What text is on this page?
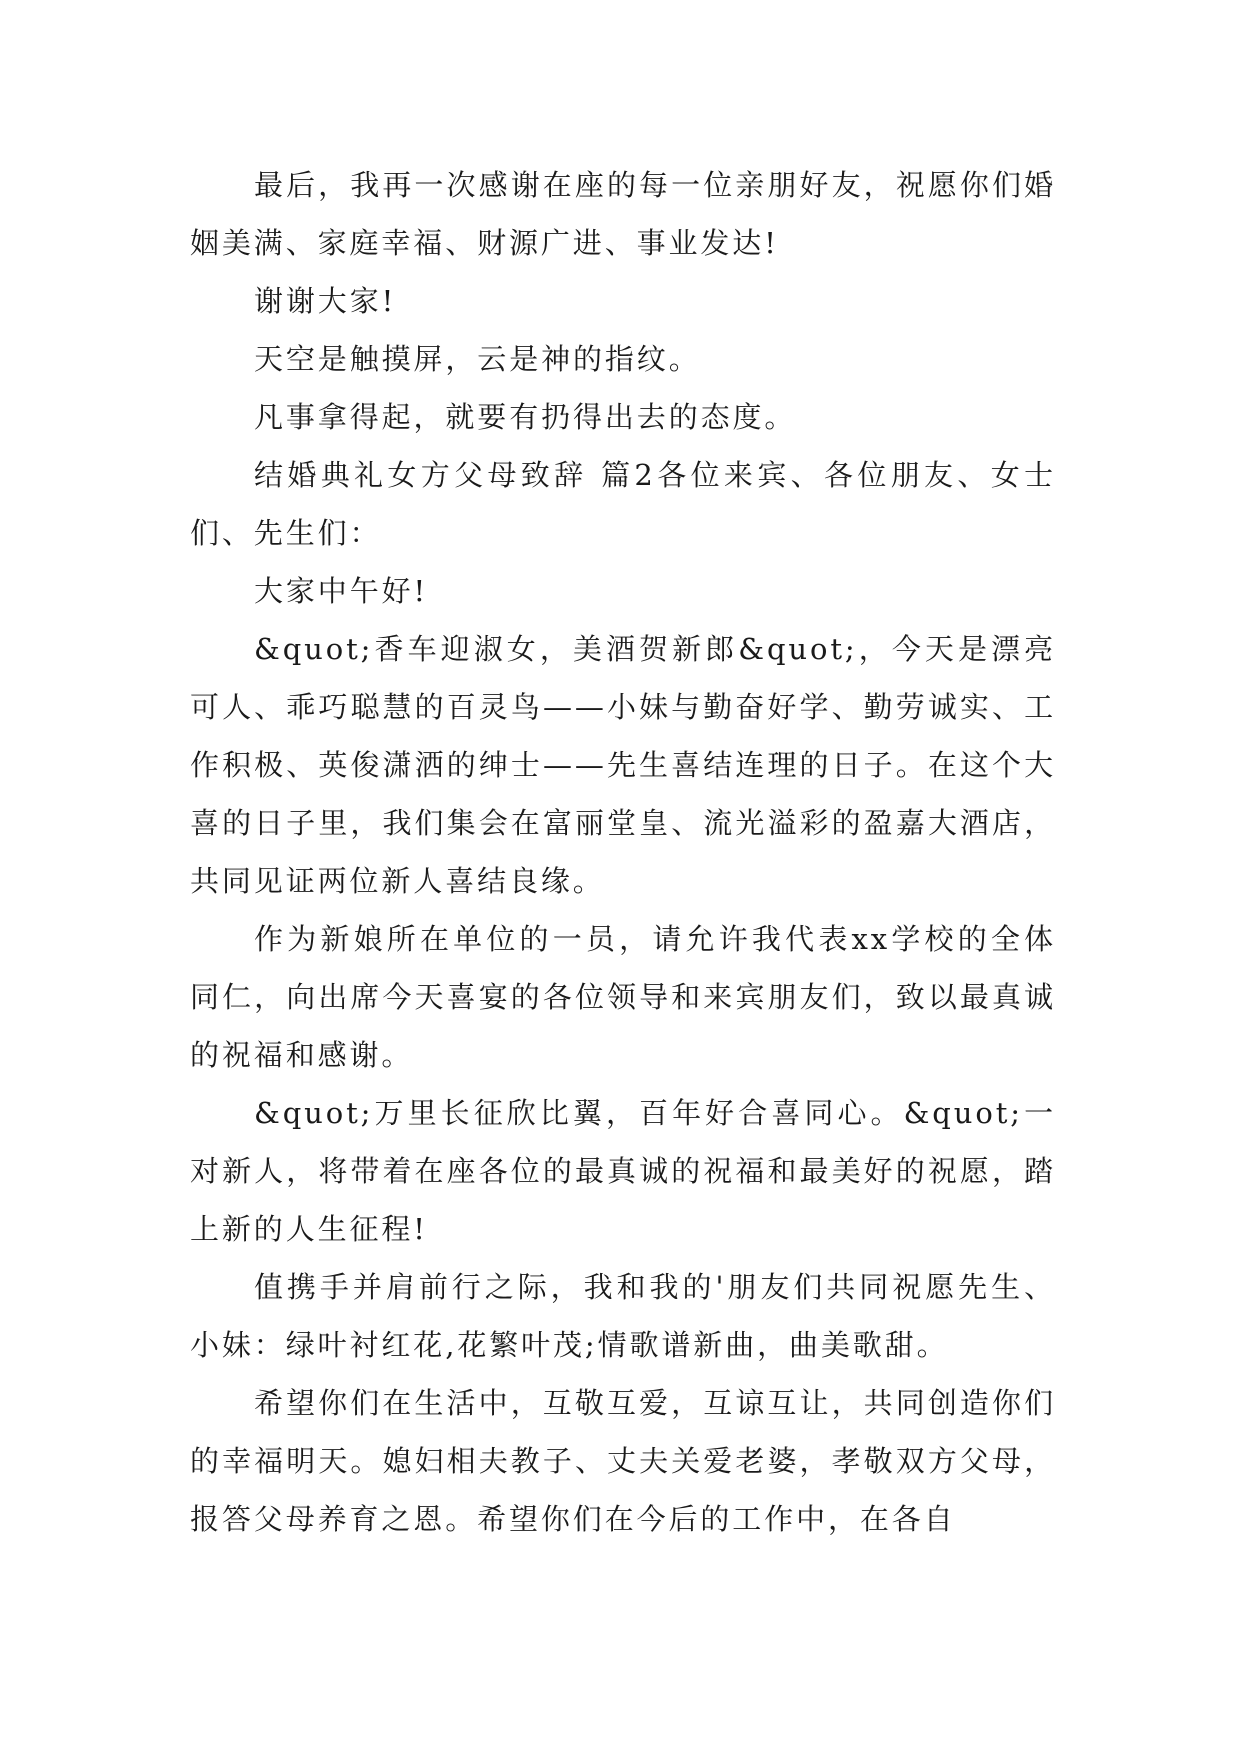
最后，我再一次感谢在座的每一位亲朋好友，祝愿你们婚姻美满、家庭幸福、财源广进、事业发达!

谢谢大家!

天空是触摸屏，云是神的指纹。

凡事拿得起，就要有扔得出去的态度。

结婚典礼女方父母致辞 篇2各位来宾、各位朋友、女士们、先生们：

大家中午好!

&quot;香车迎淑女，美酒贺新郎&quot;，今天是漂亮可人、乖巧聪慧的百灵鸟——小妹与勤奋好学、勤劳诚实、工作积极、英俊潇洒的绅士——先生喜结连理的日子。在这个大喜的日子里，我们集会在富丽堂皇、流光溢彩的盈嘉大酒店，共同见证两位新人喜结良缘。

作为新娘所在单位的一员，请允许我代表xx学校的全体同仁，向出席今天喜宴的各位领导和来宾朋友们，致以最真诚的祝福和感谢。

&quot;万里长征欣比翼，百年好合喜同心。&quot;一对新人，将带着在座各位的最真诚的祝福和最美好的祝愿，踏上新的人生征程!

值携手并肩前行之际，我和我的'朋友们共同祝愿先生、小妹：绿叶衬红花,花繁叶茂;情歌谱新曲，曲美歌甜。

希望你们在生活中，互敬互爱，互谅互让，共同创造你们的幸福明天。媳妇相夫教子、丈夫关爱老婆，孝敬双方父母，报答父母养育之恩。希望你们在今后的工作中，在各自
